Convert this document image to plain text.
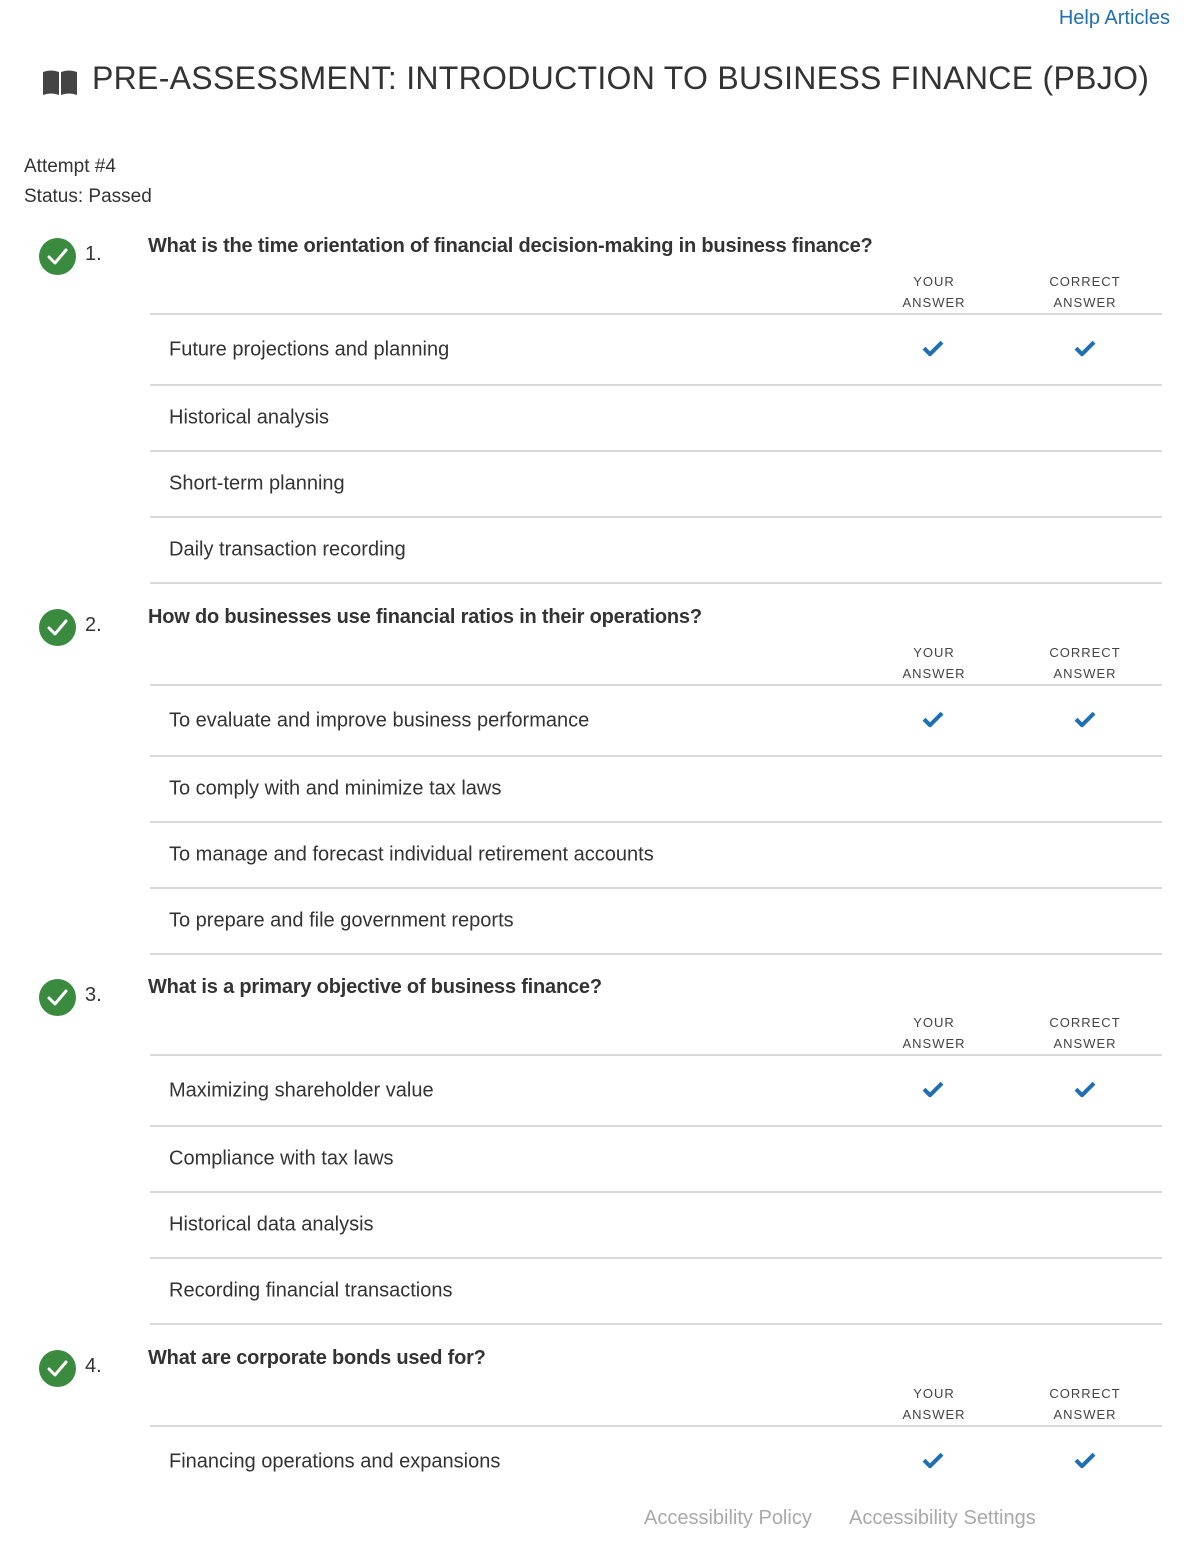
Help Articles
PRE-ASSESSMENT: INTRODUCTION TO BUSINESS FINANCE (PBJO)
Attempt #4
Status: Passed
1. What is the time orientation of financial decision-making in business finance?
YOUR
ANSWER
CORRECT
ANSWER
Future projections and planning
Historical analysis
Short-term planning
Daily transaction recording
2. How do businesses use financial ratios in their operations?
YOUR
ANSWER
CORRECT
ANSWER
To evaluate and improve business performance
To comply with and minimize tax laws
To manage and forecast individual retirement accounts
To prepare and file government reports
3. What is a primary objective of business finance?
YOUR
ANSWER
CORRECT
ANSWER
Maximizing shareholder value
Compliance with tax laws
Historical data analysis
Recording financial transactions
4. What are corporate bonds used for?
YOUR
ANSWER
CORRECT
ANSWER
Financing operations and expansions
Accessibility Policy Accessibility Settings
